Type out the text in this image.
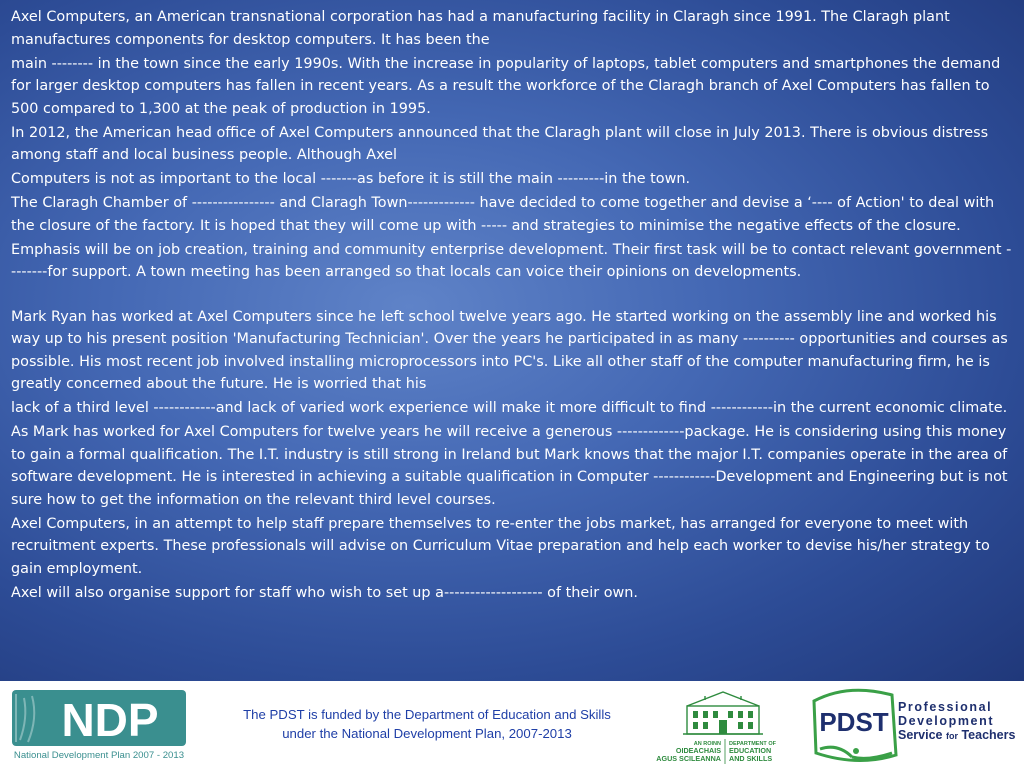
Axel Computers, an American transnational corporation has had a manufacturing facility in Claragh since 1991. The Claragh plant manufactures components for desktop computers. It has been the

main -------- in the town since the early 1990s. With the increase in popularity of laptops, tablet computers and smartphones the demand for larger desktop computers has fallen in recent years. As a result the workforce of the Claragh branch of Axel Computers has fallen to 500 compared to 1,300 at the peak of production in 1995.

In 2012, the American head office of Axel Computers announced that the Claragh plant will close in July 2013. There is obvious distress among staff and local business people. Although Axel

Computers is not as important to the local -------as before it is still the main ---------in the town.

The Claragh Chamber of ---------------- and Claragh Town------------- have decided to come together and devise a ‘---- of Action' to deal with the closure of the factory. It is hoped that they will come up with ----- and strategies to minimise the negative effects of the closure.

Emphasis will be on job creation, training and community enterprise development. Their first task will be to contact relevant government --------for support. A town meeting has been arranged so that locals can voice their opinions on developments.

Mark Ryan has worked at Axel Computers since he left school twelve years ago. He started working on the assembly line and worked his way up to his present position 'Manufacturing Technician'. Over the years he participated in as many ---------- opportunities and courses as possible. His most recent job involved installing microprocessors into PC's. Like all other staff of the computer manufacturing firm, he is greatly concerned about the future. He is worried that his

lack of a third level ------------and lack of varied work experience will make it more difficult to find ------------in the current economic climate.

As Mark has worked for Axel Computers for twelve years he will receive a generous -------------package. He is considering using this money to gain a formal qualification. The I.T. industry is still strong in Ireland but Mark knows that the major I.T. companies operate in the area of software development. He is interested in achieving a suitable qualification in Computer ------------Development and Engineering but is not sure how to get the information on the relevant third level courses.

Axel Computers, in an attempt to help staff prepare themselves to re-enter the jobs market, has arranged for everyone to meet with recruitment experts. These professionals will advise on Curriculum Vitae preparation and help each worker to devise his/her strategy to gain employment.

Axel will also organise support for staff who wish to set up a------------------- of their own.

NDP
National Development Plan 2007 - 2013
The PDST is funded by the Department of Education and Skills
under the National Development Plan, 2007-2013
AN ROINN
OIDEACHAIS
AGUS SCILEANNA
DEPARTMENT OF
EDUCATION
AND SKILLS
PDST Professional
Development
Service for Teachers
